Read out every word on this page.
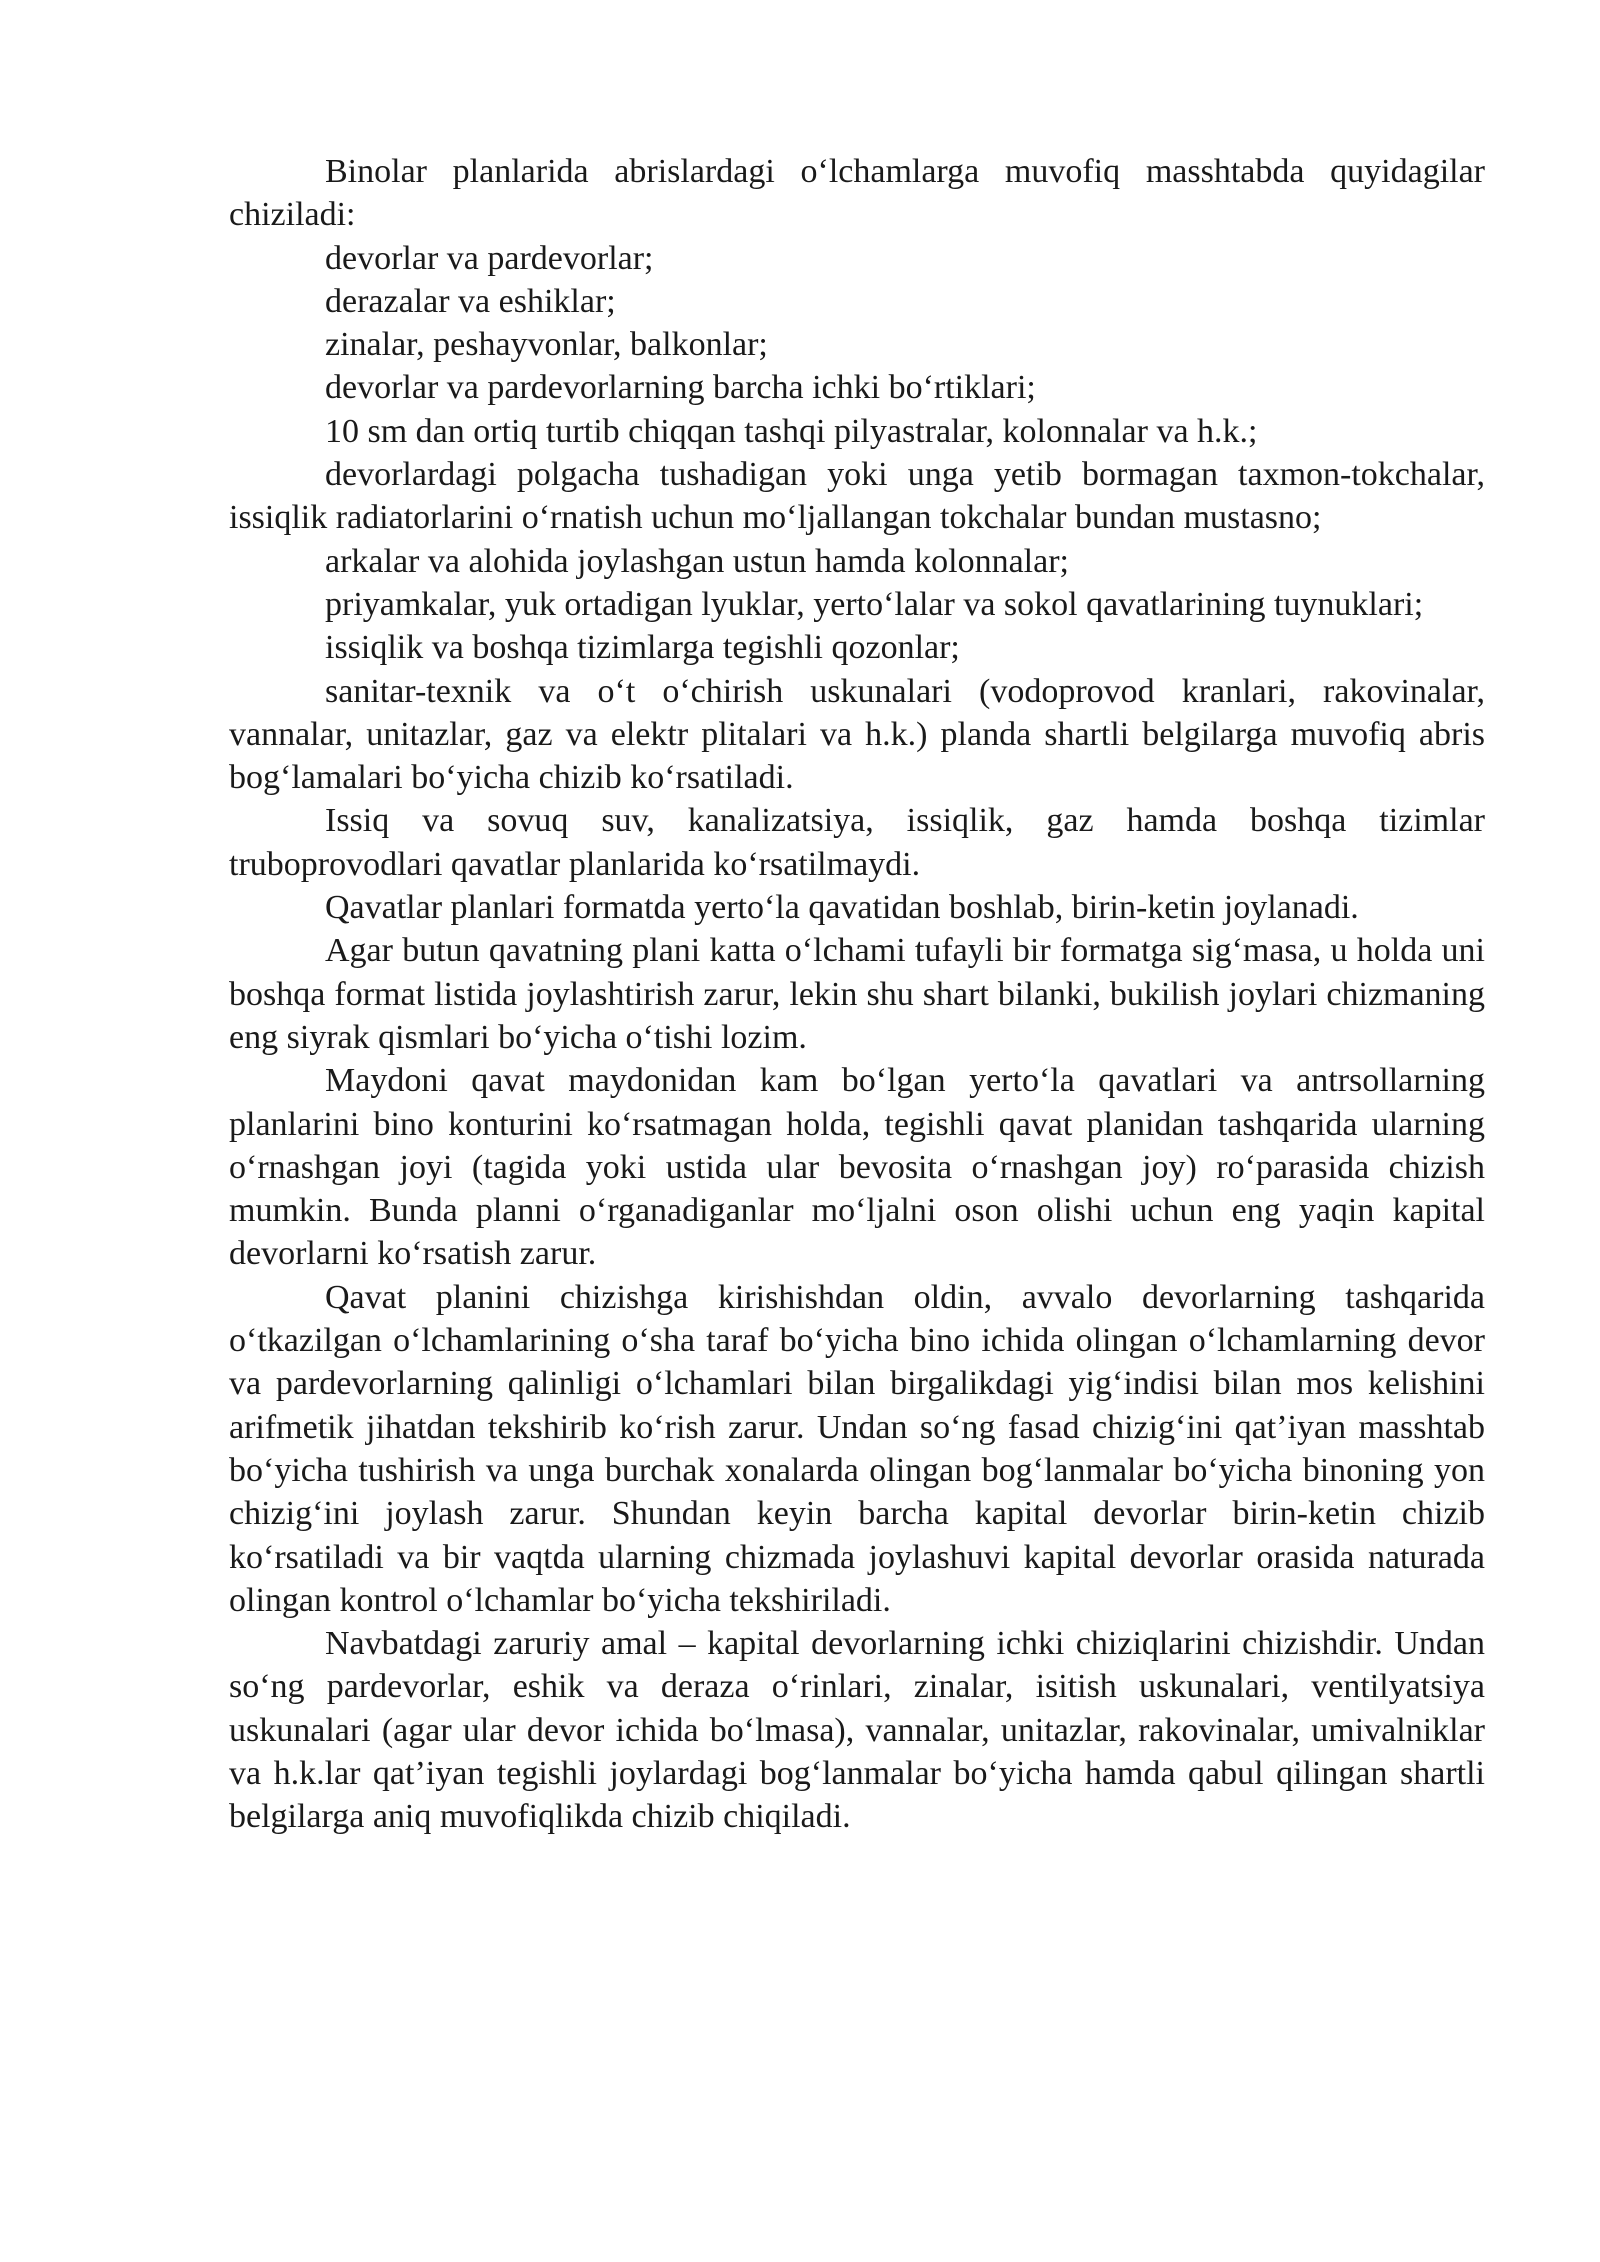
Binolar planlarida abrislardagi o‘lchamlarga muvofiq masshtabda quyidagilar chiziladi:

devorlar va pardevorlar;

derazalar va eshiklar;

zinalar, peshayvonlar, balkonlar;

devorlar va pardevorlarning barcha ichki bo‘rtiklari;

10 sm dan ortiq turtib chiqqan tashqi pilyastralar, kolonnalar va h.k.;

devorlardagi polgacha tushadigan yoki unga yetib bormagan taxmon-tokchalar, issiqlik radiatorlarini o‘rnatish uchun mo‘ljallangan tokchalar bundan mustasno;

arkalar va alohida joylashgan ustun hamda kolonnalar;

priyamkalar, yuk ortadigan lyuklar, yerto‘lalar va sokol qavatlarining tuynuklari;

issiqlik va boshqa tizimlarga tegishli qozonlar;

sanitar-texnik va o‘t o‘chirish uskunalari (vodoprovod kranlari, rakovinalar, vannalar, unitazlar, gaz va elektr plitalari va h.k.) planda shartli belgilarga muvofiq abris bog‘lamalari bo‘yicha chizib ko‘rsatiladi.

Issiq va sovuq suv, kanalizatsiya, issiqlik, gaz hamda boshqa tizimlar truboprovodlari qavatlar planlarida ko‘rsatilmaydi.

Qavatlar planlari formatda yerto‘la qavatidan boshlab, birin-ketin joylanadi.

Agar butun qavatning plani katta o‘lchami tufayli bir formatga sig‘masa, u holda uni boshqa format listida joylashtirish zarur, lekin shu shart bilanki, bukilish joylari chizmaning eng siyrak qismlari bo‘yicha o‘tishi lozim.

Maydoni qavat maydonidan kam bo‘lgan yerto‘la qavatlari va antrsollarning planlarini bino konturini ko‘rsatmagan holda, tegishli qavat planidan tashqarida ularning o‘rnashgan joyi (tagida yoki ustida ular bevosita o‘rnashgan joy) ro‘parasida chizish mumkin. Bunda planni o‘rganadiganlar mo‘ljalni oson olishi uchun eng yaqin kapital devorlarni ko‘rsatish zarur.

Qavat planini chizishga kirishishdan oldin, avvalo devorlarning tashqarida o‘tkazilgan o‘lchamlarining o‘sha taraf bo‘yicha bino ichida olingan o‘lchamlarning devor va pardevorlarning qalinligi o‘lchamlari bilan birgalikdagi yig‘indisi bilan mos kelishini arifmetik jihatdan tekshirib ko‘rish zarur. Undan so‘ng fasad chizig‘ini qat’iyan masshtab bo‘yicha tushirish va unga burchak xonalarda olingan bog‘lanmalar bo‘yicha binoning yon chizig‘ini joylash zarur. Shundan keyin barcha kapital devorlar birin-ketin chizib ko‘rsatiladi va bir vaqtda ularning chizmada joylashuvi kapital devorlar orasida naturada olingan kontrol o‘lchamlar bo‘yicha tekshiriladi.

Navbatdagi zaruriy amal – kapital devorlarning ichki chiziqlarini chizishdir. Undan so‘ng pardevorlar, eshik va deraza o‘rinlari, zinalar, isitish uskunalari, ventilyatsiya uskunalari (agar ular devor ichida bo‘lmasa), vannalar, unitazlar, rakovinalar, umivalniklar va h.k.lar qat’iyan tegishli joylardagi bog‘lanmalar bo‘yicha hamda qabul qilingan shartli belgilarga aniq muvofiqlikda chizib chiqiladi.
